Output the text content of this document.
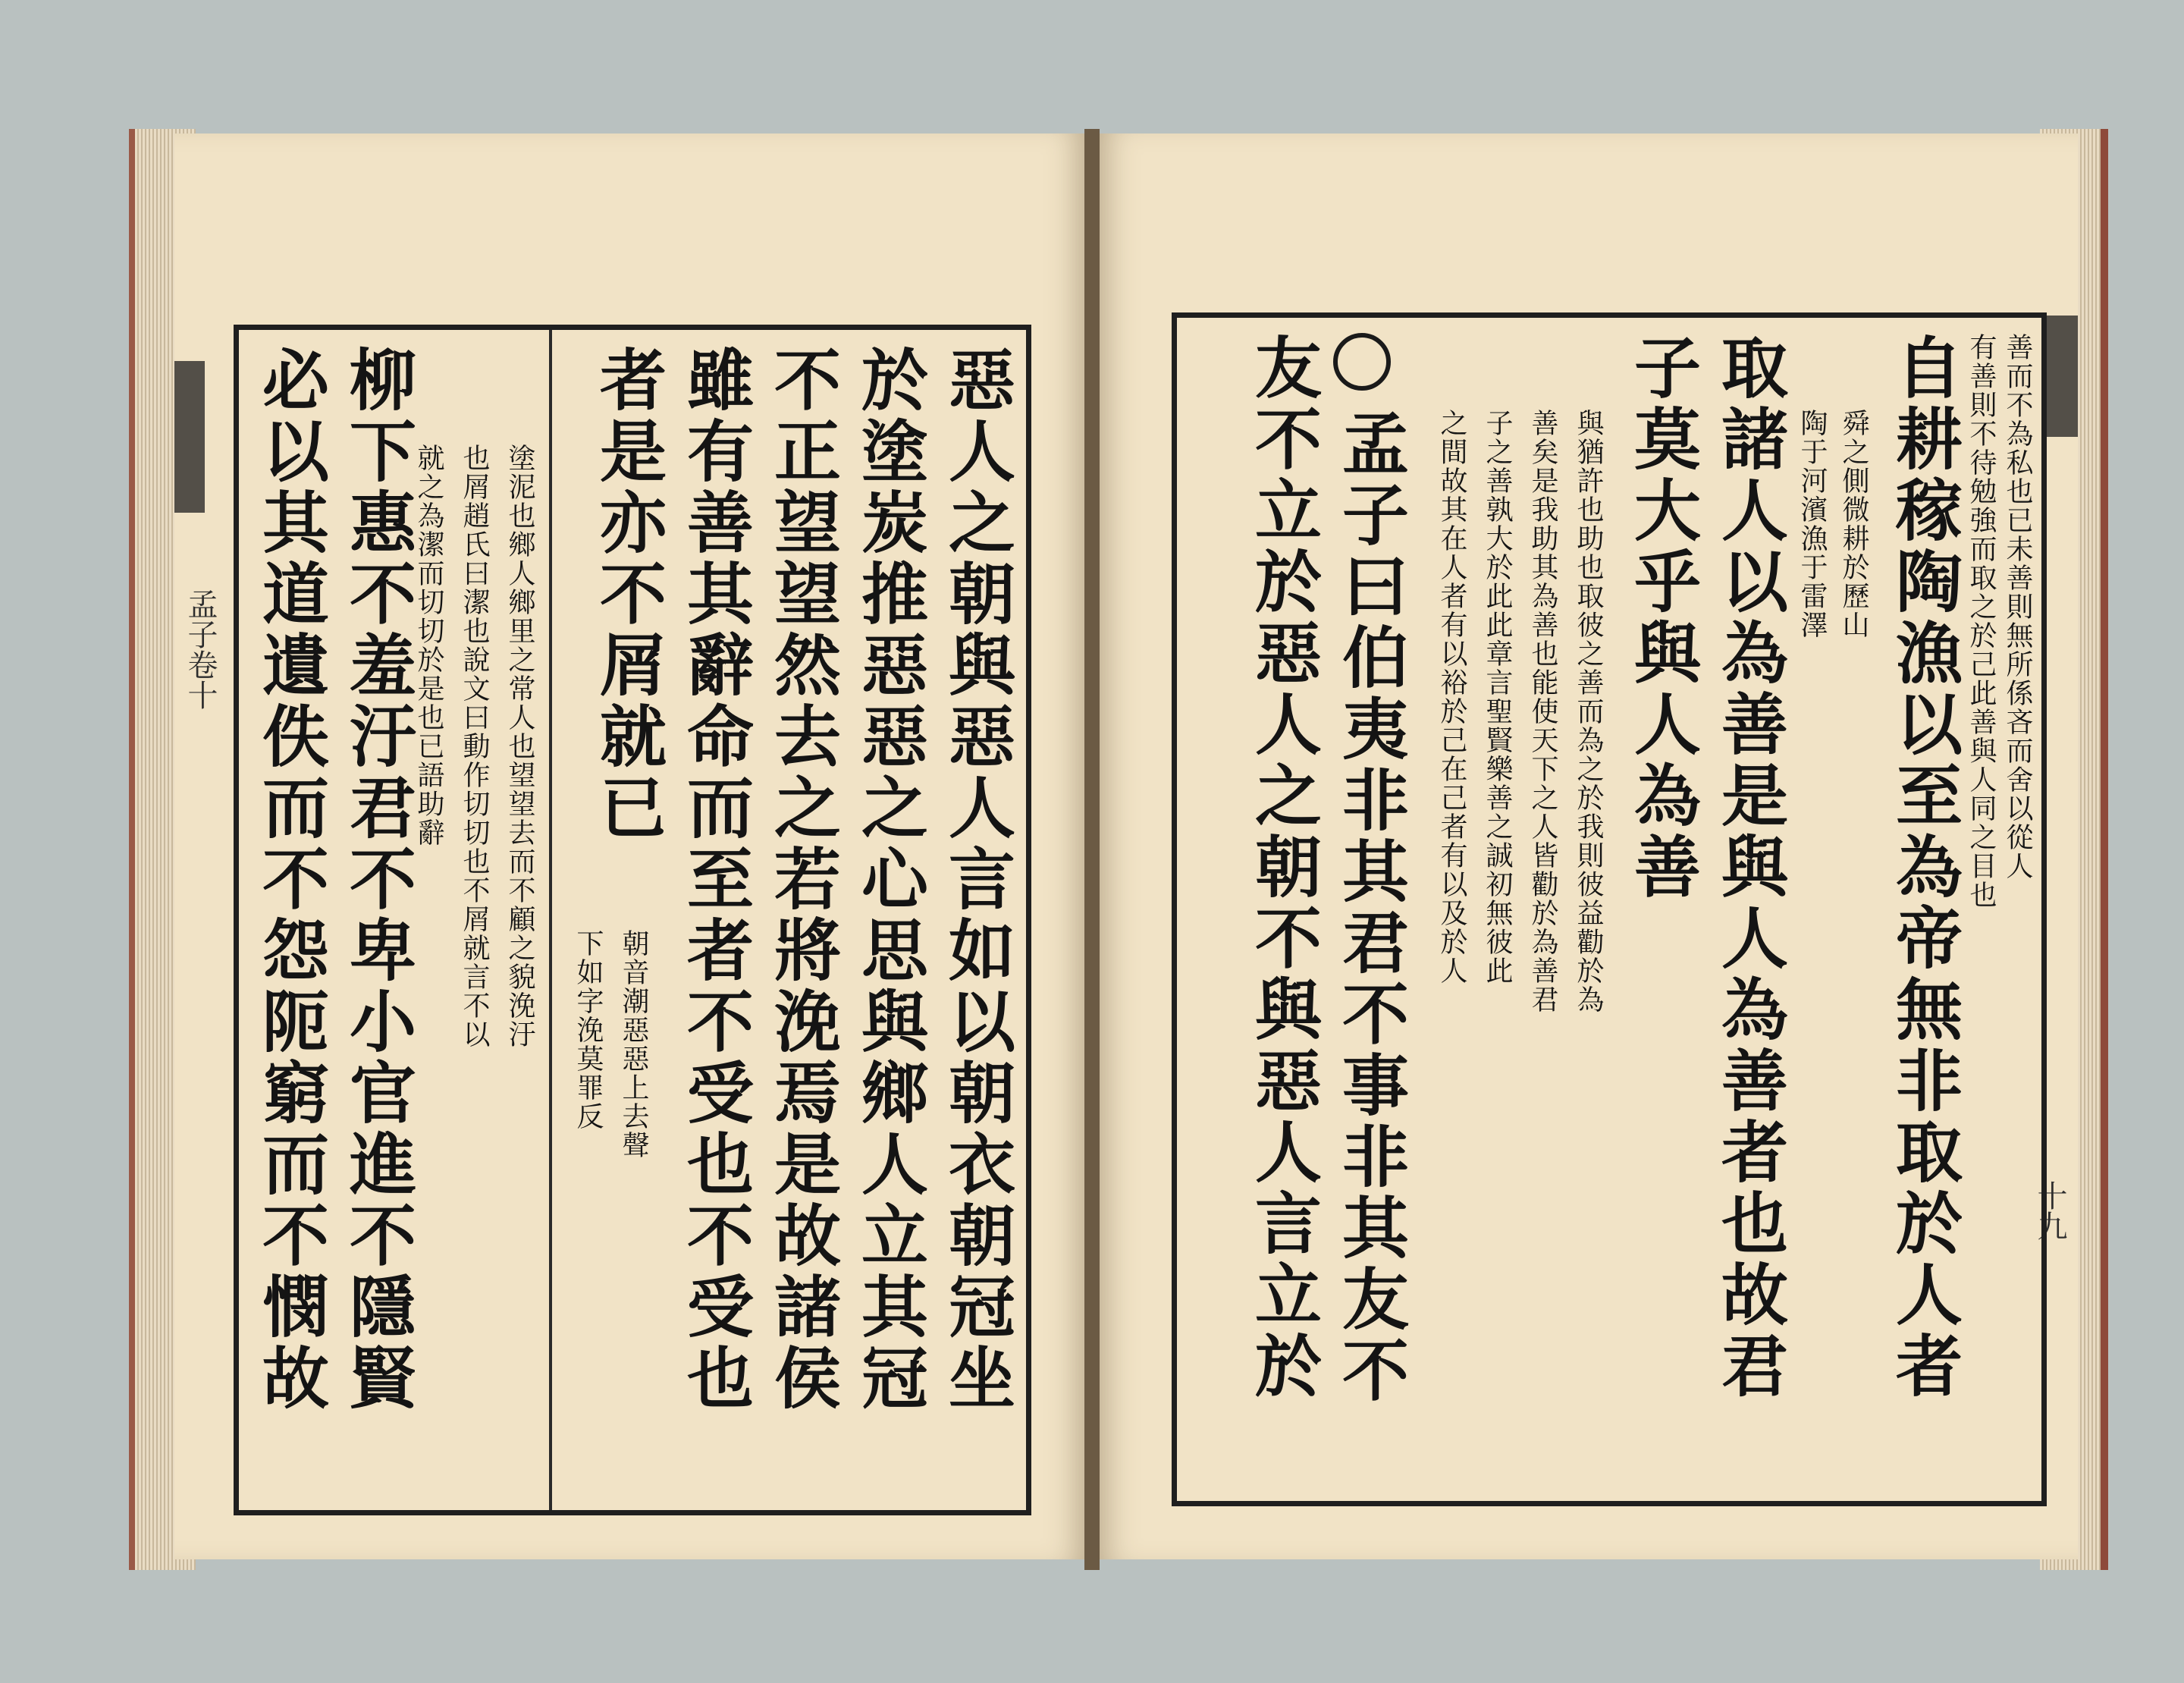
孟子卷十	惡人之朝與惡人言如以朝衣朝冠坐
於塗炭推惡惡之心思與鄉人立其冠
不正望望然去之若將浼焉是故諸侯
雖有善其辭命而至者不受也不受也
者是亦不屑就已
朝音潮惡惡上去聲
下如字浼莫罪反
塗泥也鄉人鄉里之常人也望望去而不顧之貌浼汙
也屑趙氏曰潔也說文曰動作切切也不屑就言不以
就之為潔而切切於是也已語助辭
柳下惠不羞汙君不卑小官進不隱賢
必以其道遺佚而不怨阨窮而不憫故	十九
善而不為私也已未善則無所係吝而舍以從人
有善則不待勉強而取之於己此善與人同之目也
自耕稼陶漁以至為帝無非取於人者
舜之側微耕於歷山
陶于河濱漁于雷澤
取諸人以為善是與人為善者也故君
子莫大乎與人為善
與猶許也助也取彼之善而為之於我則彼益勸於為
善矣是我助其為善也能使天下之人皆勸於為善君
子之善孰大於此此章言聖賢樂善之誠初無彼此
之間故其在人者有以裕於己在己者有以及於人
孟子曰伯夷非其君不事非其友不
友不立於惡人之朝不與惡人言立於
